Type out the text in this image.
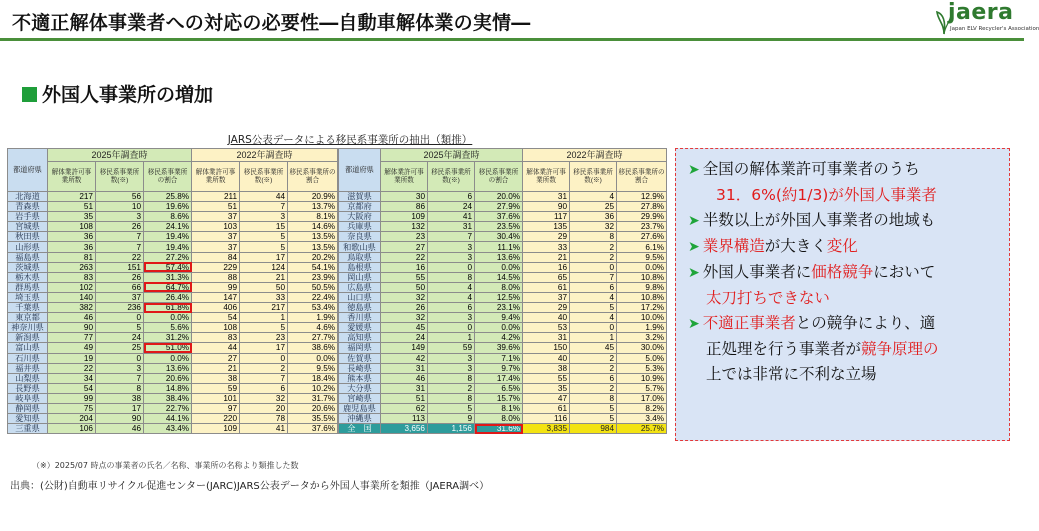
不適正解体事業者への対応の必要性―自動車解体業の実情―	jaera
Japan ELV Recycler's Association
外国人事業所の増加
JARS公表データによる移民系事業所の抽出（類推）
都道府県	2025年調査時			2022年調査時		
	解体業許可事業所数	移民系事業所数(※)	移民系事業所の割合	解体業許可事業所数	移民系事業所数(※)	移民系事業所の割合
北海道	217	56	25.8%	211	44	20.9%
青森県	51	10	19.6%	51	7	13.7%
岩手県	35	3	8.6%	37	3	8.1%
宮城県	108	26	24.1%	103	15	14.6%
秋田県	36	7	19.4%	37	5	13.5%
山形県	36	7	19.4%	37	5	13.5%
福島県	81	22	27.2%	84	17	20.2%
茨城県	263	151	57.4%	229	124	54.1%
栃木県	83	26	31.3%	88	21	23.9%
群馬県	102	66	64.7%	99	50	50.5%
埼玉県	140	37	26.4%	147	33	22.4%
千葉県	382	236	61.8%	406	217	53.4%
東京都	46	0	0.0%	54	1	1.9%
神奈川県	90	5	5.6%	108	5	4.6%
新潟県	77	24	31.2%	83	23	27.7%
富山県	49	25	51.0%	44	17	38.6%
石川県	19	0	0.0%	27	0	0.0%
福井県	22	3	13.6%	21	2	9.5%
山梨県	34	7	20.6%	38	7	18.4%
長野県	54	8	14.8%	59	6	10.2%
岐阜県	99	38	38.4%	101	32	31.7%
静岡県	75	17	22.7%	97	20	20.6%
愛知県	204	90	44.1%	220	78	35.5%
三重県	106	46	43.4%	109	41	37.6%
都道府県	2025年調査時			2022年調査時		
	解体業許可事業所数	移民系事業所数(※)	移民系事業所の割合	解体業許可事業所数	移民系事業所数(※)	移民系事業所の割合
滋賀県	30	6	20.0%	31	4	12.9%
京都府	86	24	27.9%	90	25	27.8%
大阪府	109	41	37.6%	117	36	29.9%
兵庫県	132	31	23.5%	135	32	23.7%
奈良県	23	7	30.4%	29	8	27.6%
和歌山県	27	3	11.1%	33	2	6.1%
鳥取県	22	3	13.6%	21	2	9.5%
島根県	16	0	0.0%	16	0	0.0%
岡山県	55	8	14.5%	65	7	10.8%
広島県	50	4	8.0%	61	6	9.8%
山口県	32	4	12.5%	37	4	10.8%
徳島県	26	6	23.1%	29	5	17.2%
香川県	32	3	9.4%	40	4	10.0%
愛媛県	45	0	0.0%	53	0	1.9%
高知県	24	1	4.2%	31	1	3.2%
福岡県	149	59	39.6%	150	45	30.0%
佐賀県	42	3	7.1%	40	2	5.0%
長崎県	31	3	9.7%	38	2	5.3%
熊本県	46	8	17.4%	55	6	10.9%
大分県	31	2	6.5%	35	2	5.7%
宮崎県	51	8	15.7%	47	8	17.0%
鹿児島県	62	5	8.1%	61	5	8.2%
沖縄県	113	9	8.0%	116	5	3.4%
全　国	3,656	1,156	31.6%	3,835	984	25.7%
➤ 全国の解体業許可事業者のうち
31．6%(約1/3)が外国人事業者
➤ 半数以上が外国人事業者の地域も
➤ 業界構造が大きく変化
➤ 外国人事業者に価格競争において
太刀打ちできない
➤ 不適正事業者との競争により、適
正処理を行う事業者が競争原理の
上では非常に不利な立場
（※）2025/07 時点の事業者の氏名／名称、事業所の名称より類推した数
出典：(公財)自動車リサイクル促進センター(JARC)JARS公表データから外国人事業所を類推（JAERA調べ）
